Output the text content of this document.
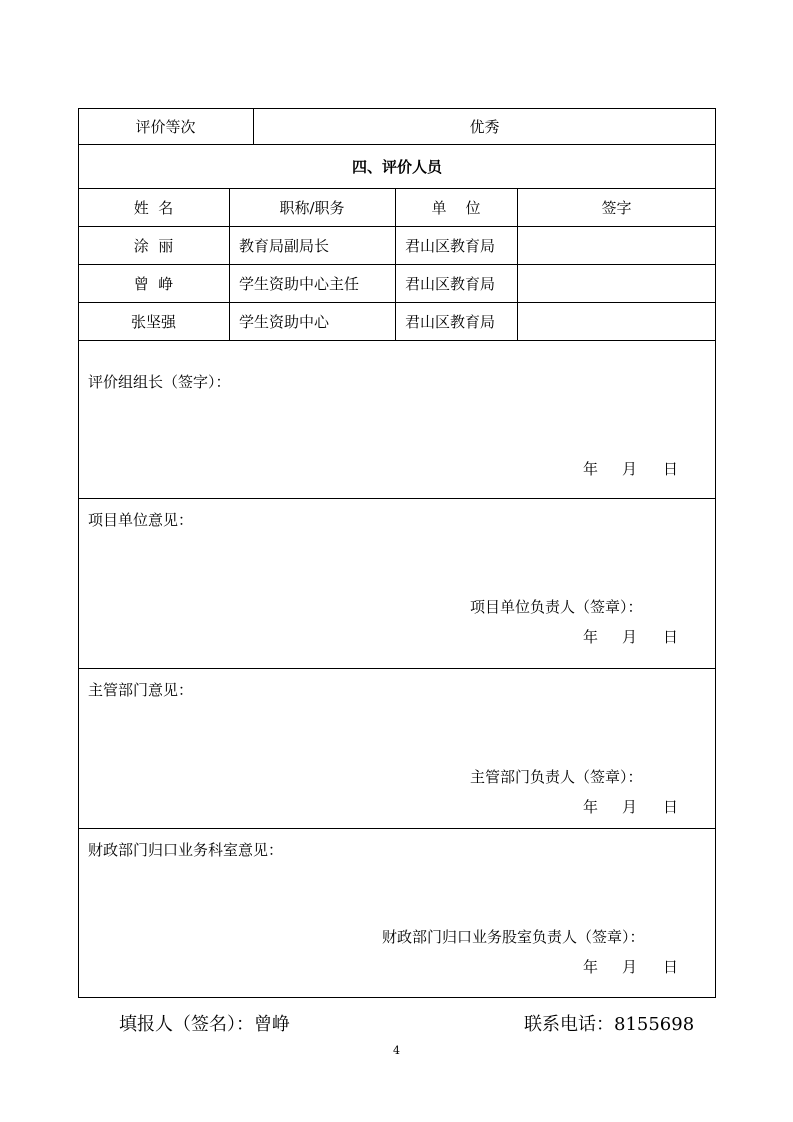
评价等次	优秀
四、评价人员
姓  名	职称/职务	单    位	签字
涂  丽	教育局副局长	君山区教育局
曾  峥	学生资助中心主任	君山区教育局
张坚强	学生资助中心	君山区教育局
评价组组长（签字）：
年 月 日
项目单位意见：
项目单位负责人（签章）：
年 月 日
主管部门意见：
主管部门负责人（签章）：
年 月 日
财政部门归口业务科室意见：
财政部门归口业务股室负责人（签章）：
年 月 日
填报人（签名）：曾峥	联系电话：8155698
4
